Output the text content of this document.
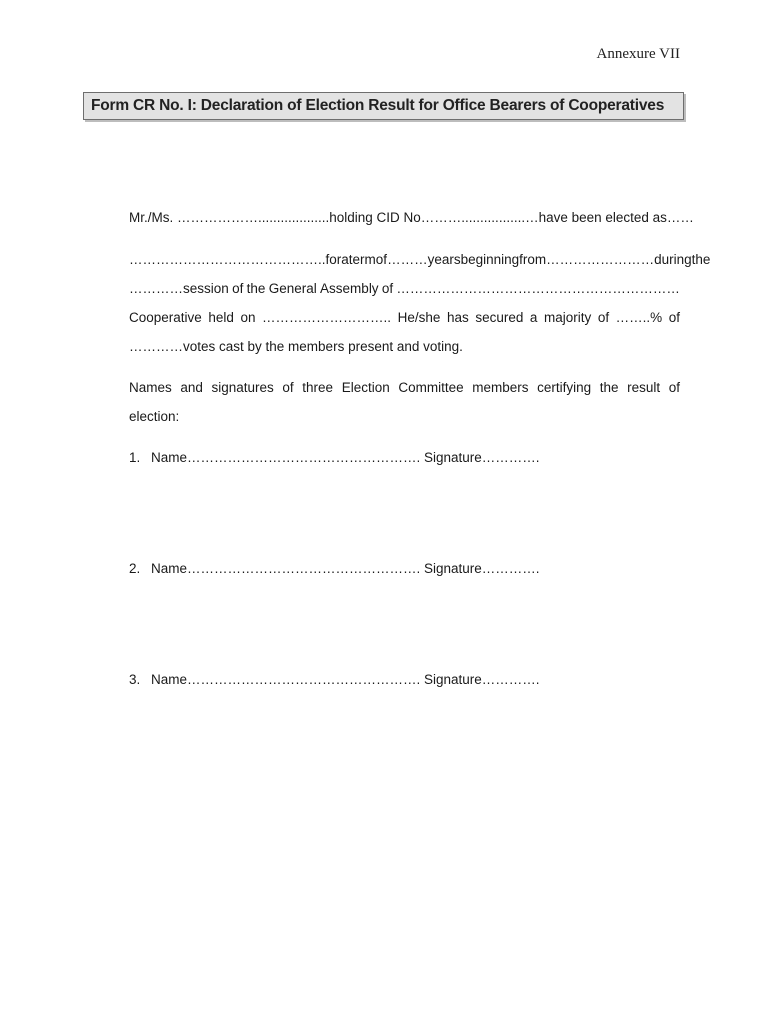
Annexure VII
Form CR No. I: Declaration of Election Result for Office Bearers of Cooperatives
Mr./Ms. ………………...................holding CID No……….................…have been elected as……
…………………………………….. for a term of ………years beginning from ……………………during the
…………session of the General Assembly of ………………………………………………………
Cooperative held on ……………………….. He/she has secured a majority of ……..% of
…………votes cast by the members present and voting.
Names and signatures of three Election Committee members certifying the result of
election:
1. Name……………………………………………. Signature………….
2. Name……………………………………………. Signature………….
3. Name……………………………………………. Signature………….
